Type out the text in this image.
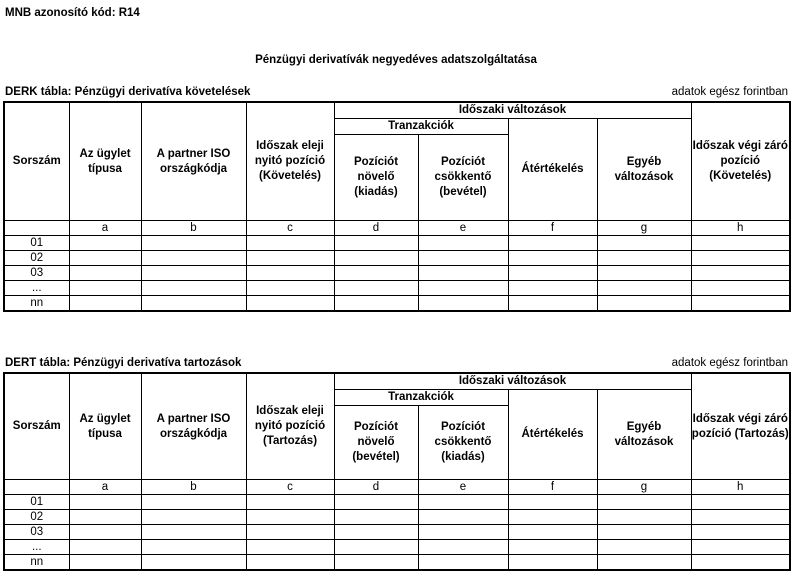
MNB azonosító kód: R14
Pénzügyi derivatívák negyedéves adatszolgáltatása
DERK tábla: Pénzügyi derivatíva követelések	adatok egész forintban
Sorszám	Az ügylet típusa	A partner ISO országkódja	Időszak eleji nyitó pozíció (Követelés)	Időszaki változások				Időszak végi záró pozíció (Követelés)
				Tranzakciók		Átértékelés	Egyéb változások	
				Pozíciót növelő (kiadás)	Pozíciót csökkentő (bevétel)			
	a	b	c	d	e	f	g	h
01								
02								
03								
...								
nn								
DERT tábla: Pénzügyi derivatíva tartozások	adatok egész forintban
Sorszám	Az ügylet típusa	A partner ISO országkódja	Időszak eleji nyitó pozíció (Tartozás)	Időszaki változások				Időszak végi záró pozíció (Tartozás)
				Tranzakciók		Átértékelés	Egyéb változások	
				Pozíciót növelő (bevétel)	Pozíciót csökkentő (kiadás)			
	a	b	c	d	e	f	g	h
01								
02								
03								
...								
nn								
